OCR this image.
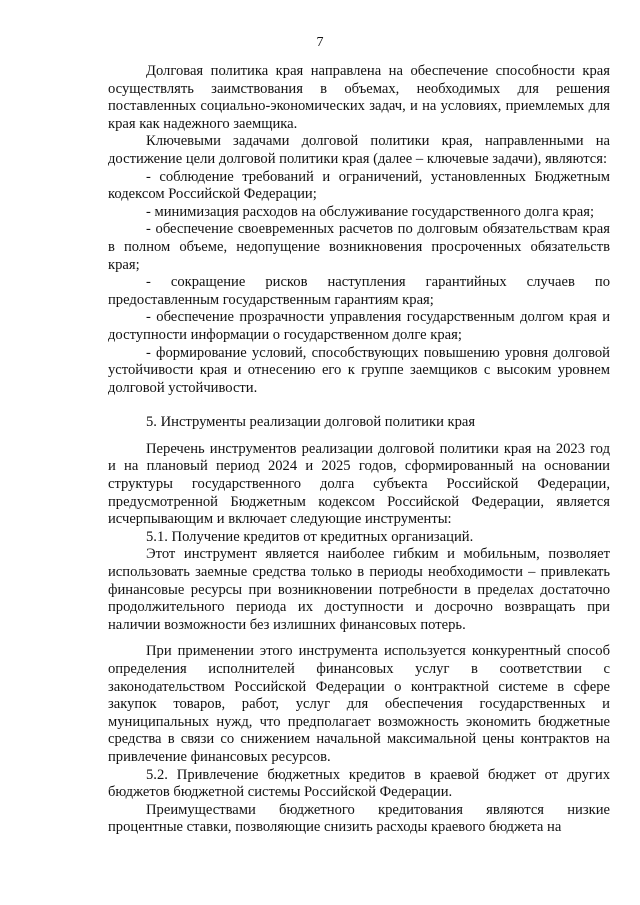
7

Долговая политика края направлена на обеспечение способности края осуществлять заимствования в объемах, необходимых для решения поставленных социально-экономических задач, и на условиях, приемлемых для края как надежного заемщика.

Ключевыми задачами долговой политики края, направленными на достижение цели долговой политики края (далее – ключевые задачи), являются:

- соблюдение требований и ограничений, установленных Бюджетным кодексом Российской Федерации;

- минимизация расходов на обслуживание государственного долга края;

- обеспечение своевременных расчетов по долговым обязательствам края в полном объеме, недопущение возникновения просроченных обязательств края;

- сокращение рисков наступления гарантийных случаев по предоставленным государственным гарантиям края;

- обеспечение прозрачности управления государственным долгом края и доступности информации о государственном долге края;

- формирование условий, способствующих повышению уровня долговой устойчивости края и отнесению его к группе заемщиков с высоким уровнем долговой устойчивости.

5. Инструменты реализации долговой политики края

Перечень инструментов реализации долговой политики края на 2023 год и на плановый период 2024 и 2025 годов, сформированный на основании структуры государственного долга субъекта Российской Федерации, предусмотренной Бюджетным кодексом Российской Федерации, является исчерпывающим и включает следующие инструменты:

5.1. Получение кредитов от кредитных организаций.

Этот инструмент является наиболее гибким и мобильным, позволяет использовать заемные средства только в периоды необходимости – привлекать финансовые ресурсы при возникновении потребности в пределах достаточно продолжительного периода их доступности и досрочно возвращать при наличии возможности без излишних финансовых потерь.

При применении этого инструмента используется конкурентный способ определения исполнителей финансовых услуг в соответствии с законодательством Российской Федерации о контрактной системе в сфере закупок товаров, работ, услуг для обеспечения государственных и муниципальных нужд, что предполагает возможность экономить бюджетные средства в связи со снижением начальной максимальной цены контрактов на привлечение финансовых ресурсов.

5.2. Привлечение бюджетных кредитов в краевой бюджет от других бюджетов бюджетной системы Российской Федерации.

Преимуществами бюджетного кредитования являются низкие процентные ставки, позволяющие снизить расходы краевого бюджета на
